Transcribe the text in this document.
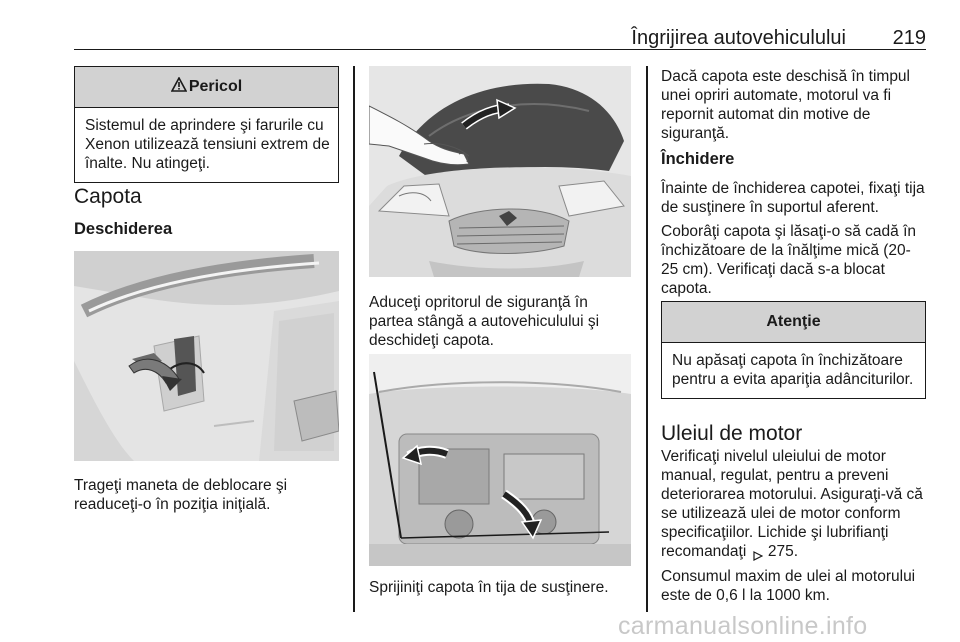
Îngrijirea autovehiculului 219
Pericol
Sistemul de aprindere şi farurile cu Xenon utilizează tensiuni extrem de înalte. Nu atingeţi.
Capota
Deschiderea

Trageţi maneta de deblocare şi readuceţi-o în poziţia iniţială.

Aduceţi opritorul de siguranţă în partea stângă a autovehiculului şi deschideţi capota.

Sprijiniţi capota în tija de susţinere.

Dacă capota este deschisă în timpul unei opriri automate, motorul va fi repornit automat din motive de siguranţă.

Închidere

Înainte de închiderea capotei, fixaţi tija de susţinere în suportul aferent.

Coborâţi capota şi lăsaţi-o să cadă în închizătoare de la înălţime mică (20-25 cm). Verificaţi dacă s-a blocat capota.

Atenţie
Nu apăsaţi capota în închizătoare pentru a evita apariţia adânciturilor.
Uleiul de motor

Verificaţi nivelul uleiului de motor manual, regulat, pentru a preveni deteriorarea motorului. Asiguraţi-vă că se utilizează ulei de motor conform specificaţiilor. Lichide şi lubrifianţi recomandaţi 275.

Consumul maxim de ulei al motorului este de 0,6 l la 1000 km.

carmanualsonline.info
